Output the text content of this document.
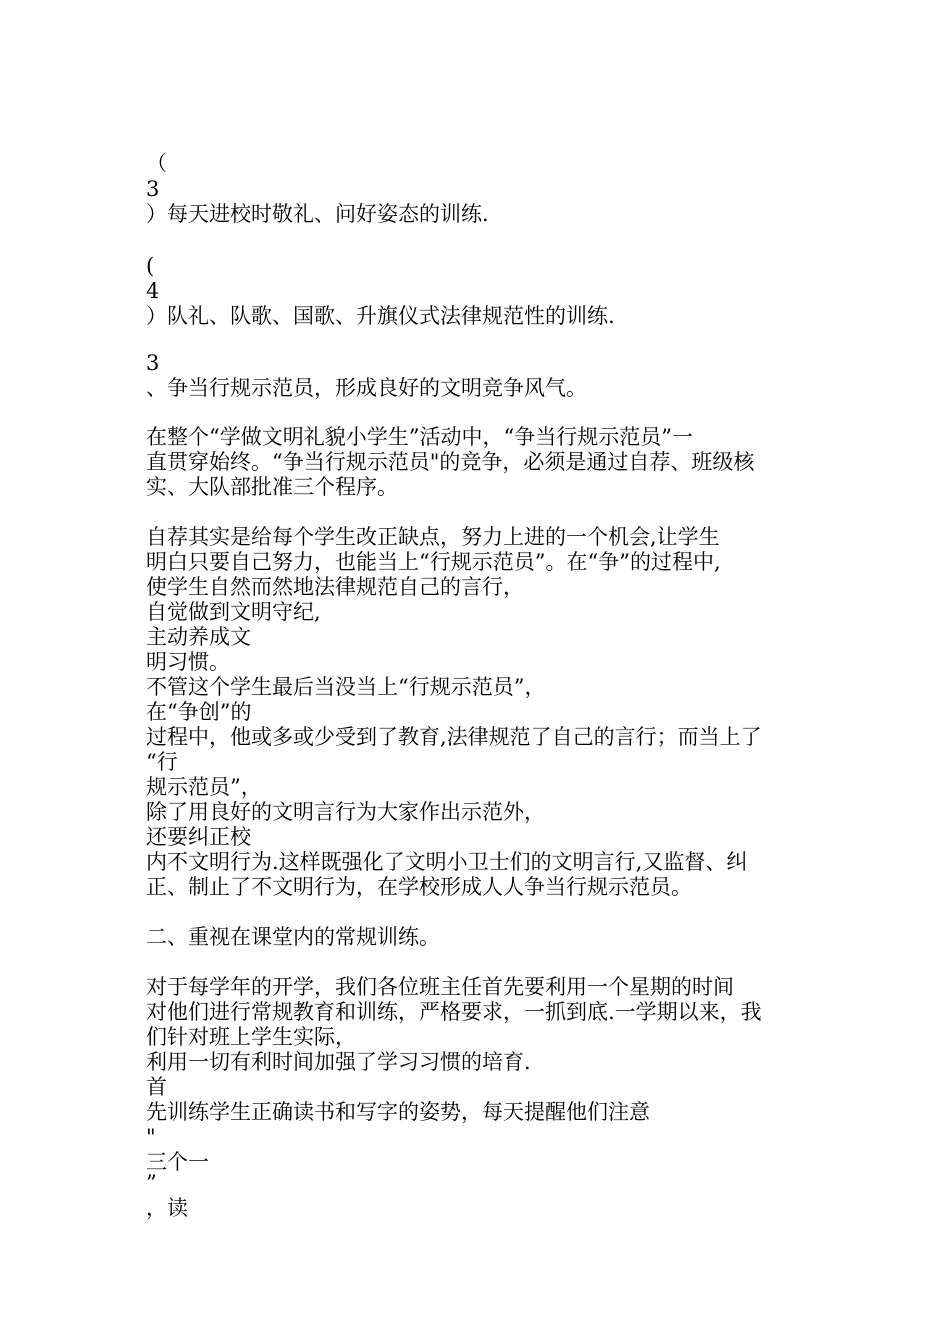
（

3

）每天进校时敬礼、问好姿态的训练.

(

4

）队礼、队歌、国歌、升旗仪式法律规范性的训练.

3

、争当行规示范员，形成良好的文明竞争风气。

在整个“学做文明礼貌小学生”活动中，“争当行规示范员”一

直贯穿始终。“争当行规示范员"的竞争，必须是通过自荐、班级核

实、大队部批准三个程序。

自荐其实是给每个学生改正缺点，努力上进的一个机会,让学生

明白只要自己努力，也能当上“行规示范员”。在“争”的过程中,

使学生自然而然地法律规范自己的言行，

自觉做到文明守纪,

主动养成文

明习惯。

不管这个学生最后当没当上“行规示范员”，

在“争创”的

过程中，他或多或少受到了教育,法律规范了自己的言行；而当上了

“行

规示范员”，

除了用良好的文明言行为大家作出示范外，

还要纠正校

内不文明行为.这样既强化了文明小卫士们的文明言行,又监督、纠

正、制止了不文明行为，在学校形成人人争当行规示范员。

二、重视在课堂内的常规训练。

对于每学年的开学，我们各位班主任首先要利用一个星期的时间

对他们进行常规教育和训练，严格要求，一抓到底.一学期以来，我

们针对班上学生实际，

利用一切有利时间加强了学习习惯的培育.

首

先训练学生正确读书和写字的姿势，每天提醒他们注意

"

三个一

”

，读
